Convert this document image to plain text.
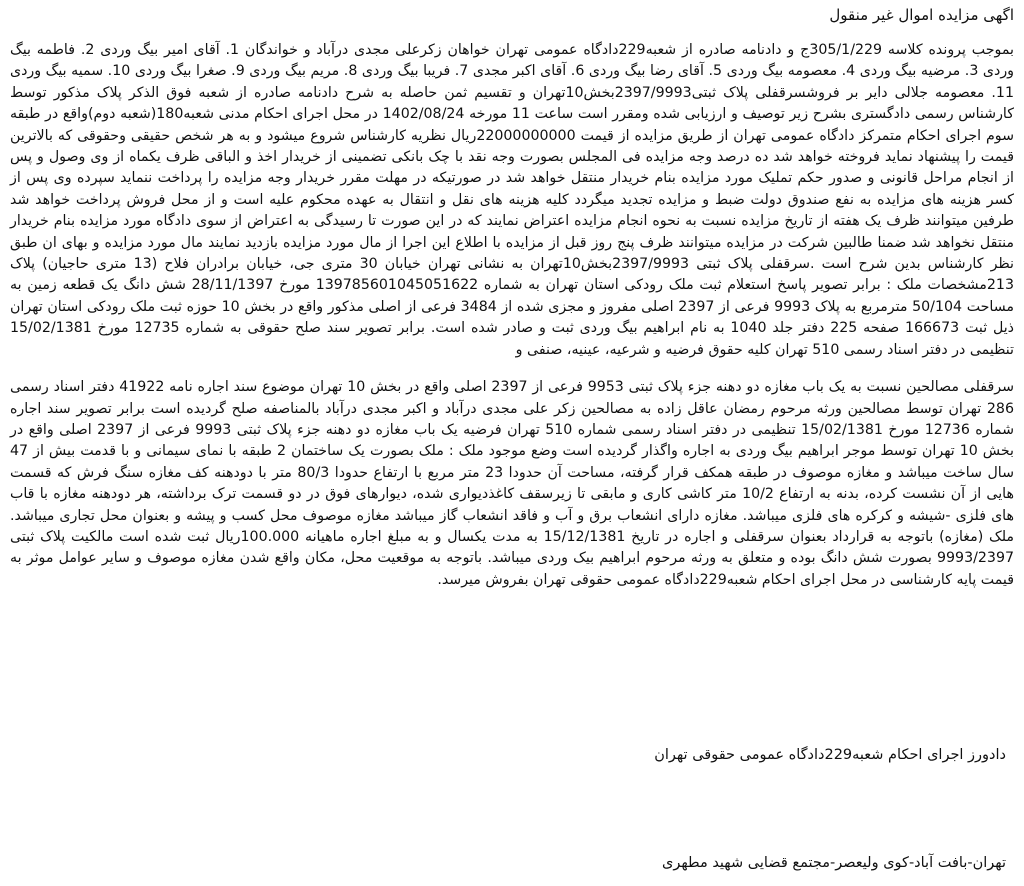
اگهی مزایده اموال غیر منقول

بموجب پرونده کلاسه 305/1/229ج و دادنامه صادره از شعبه229دادگاه عمومی تهران خواهان زکرعلی مجدی درآباد و خواندگان 1. آقای امیر بیگ وردی 2. فاطمه بیگ وردی 3. مرضیه بیگ وردی 4. معصومه بیگ وردی 5. آقای رضا بیگ وردی 6. آقای اکبر مجدی 7. فریبا بیگ وردی 8. مریم بیگ وردی 9. صغرا بیگ وردی 10. سمیه بیگ وردی 11. معصومه جلالی دایر بر فروشسرقفلی پلاک ثبتی2397/9993بخش10تهران و تقسیم ثمن حاصله به شرح دادنامه صادره از شعبه فوق الذکر پلاک مذکور توسط کارشناس رسمی دادگستری بشرح زیر توصیف و ارزیابی شده ومقرر است ساعت 11 مورخه 1402/08/24 در محل اجرای احکام مدنی شعبه180(شعبه دوم)واقع در طبقه سوم اجرای احکام متمرکز دادگاه عمومی تهران از طریق مزایده از قیمت 22000000000ریال نظریه کارشناس شروع میشود و به هر شخص حقیقی وحقوقی که بالاترین قیمت را پیشنهاد نماید فروخته خواهد شد ده درصد وجه مزایده فی المجلس بصورت وجه نقد با چک بانکی تضمینی از خریدار اخذ و الباقی ظرف یکماه از وی وصول و پس از انجام مراحل قانونی و صدور حکم تملیک مورد مزایده بنام خریدار منتقل خواهد شد در صورتیکه در مهلت مقرر خریدار وجه مزایده را پرداخت ننماید سپرده وی پس از کسر هزینه های مزایده به نفع صندوق دولت ضبط و مزایده تجدید میگردد کلیه هزینه های نقل و انتقال به عهده محکوم علیه است و از محل فروش پرداخت خواهد شد طرفین میتوانند ظرف یک هفته از تاریخ مزایده نسبت به نحوه انجام مزایده اعتراض نمایند که در این صورت تا رسیدگی به اعتراض از سوی دادگاه مورد مزایده بنام خریدار منتقل نخواهد شد ضمنا طالبین شرکت در مزایده میتوانند ظرف پنج روز قبل از مزایده با اطلاع این اجرا از مال مورد مزایده بازدید نمایند مال مورد مزایده و بهای ان طبق نظر کارشناس بدین شرح است .سرقفلی پلاک ثبتی 2397/9993بخش10تهران به نشانی تهران خیابان 30 متری جی، خیابان برادران فلاح (13 متری حاجیان) پلاک 213مشخصات ملک : برابر تصویر پاسخ استعلام ثبت ملک رودکی استان تهران به شماره 139785601045051622 مورخ 28/11/1397 شش دانگ یک قطعه زمین به مساحت 50/104 مترمربع به پلاک 9993 فرعی از 2397 اصلی مفروز و مجزی شده از 3484 فرعی از اصلی مذکور واقع در بخش 10 حوزه ثبت ملک رودکی استان تهران ذیل ثبت 166673 صفحه 225 دفتر جلد 1040 به نام ابراهیم بیگ وردی ثبت و صادر شده است. برابر تصویر سند صلح حقوقی به شماره 12735 مورخ 15/02/1381 تنظیمی در دفتر اسناد رسمی 510 تهران کلیه حقوق فرضیه و شرعیه، عینیه، صنفی و

سرقفلی مصالحین نسبت به یک باب مغازه دو دهنه جزء پلاک ثبتی 9953 فرعی از 2397 اصلی واقع در بخش 10 تهران موضوع سند اجاره نامه 41922 دفتر اسناد رسمی 286 تهران توسط مصالحین ورثه مرحوم رمضان عاقل زاده به مصالحین زکر علی مجدی درآباد و اکبر مجدی درآباد بالمناصفه صلح گردیده است برابر تصویر سند اجاره شماره 12736 مورخ 15/02/1381 تنظیمی در دفتر اسناد رسمی شماره 510 تهران فرضیه یک باب مغازه دو دهنه جزء پلاک ثبتی 9993 فرعی از 2397 اصلی واقع در بخش 10 تهران توسط موجر ابراهیم بیگ وردی به اجاره واگذار گردیده است وضع موجود ملک : ملک بصورت یک ساختمان 2 طبقه با نمای سیمانی و با قدمت بیش از 47 سال ساخت میباشد و مغازه موصوف در طبقه همکف قرار گرفته، مساحت آن حدودا 23 متر مربع با ارتفاع حدودا 80/3 متر با دودهنه کف مغازه سنگ فرش که قسمت هایی از آن نشست کرده، بدنه به ارتفاع 10/2 متر کاشی کاری و مابقی تا زیرسقف کاغذدیواری شده، دیوارهای فوق در دو قسمت ترک برداشته، هر دودهنه مغازه با قاب های فلزی -شیشه و کرکره های فلزی میباشد. مغازه دارای انشعاب برق و آب و فاقد انشعاب گاز میباشد مغازه موصوف محل کسب و پیشه و بعنوان محل تجاری میباشد. ملک (مغازه) باتوجه به قرارداد بعنوان سرقفلی و اجاره در تاریخ 15/12/1381 به مدت یکسال و به مبلغ اجاره ماهیانه 100.000ریال ثبت شده است مالکیت پلاک ثبتی 9993/2397 بصورت شش دانگ بوده و متعلق به ورثه مرحوم ابراهیم بیک وردی میباشد. باتوجه به موقعیت محل، مکان واقع شدن مغازه موصوف و سایر عوامل موثر به قیمت پایه کارشناسی در محل اجرای احکام شعبه229دادگاه عمومی حقوقی تهران بفروش میرسد.

دادورز اجرای احکام شعبه229دادگاه عمومی حقوقی تهران
تهران-بافت آباد-کوی ولیعصر-مجتمع قضایی شهید مطهری
